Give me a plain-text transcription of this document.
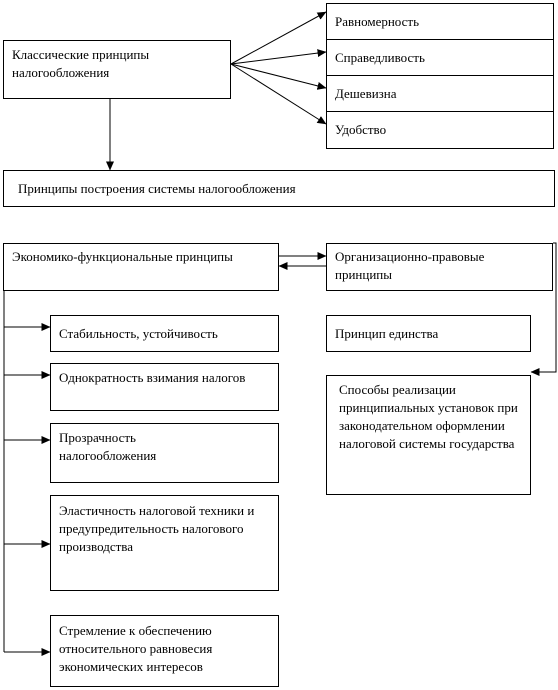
Классические принципы налогообложения
Равномерность
Справедливость
Дешевизна
Удобство
Принципы построения системы налогообложения
Экономико-функциональные принципы	Организационно-правовые принципы
Стабильность, устойчивость
Однократность взимания налогов
Прозрачность налогообложения
Эластичность налоговой техники и предупредительность налогового производства
Стремление к обеспечению относительного равновесия экономических интересов
Принцип единства
Способы реализации принципиальных установок при законодательном оформлении налоговой системы государства
